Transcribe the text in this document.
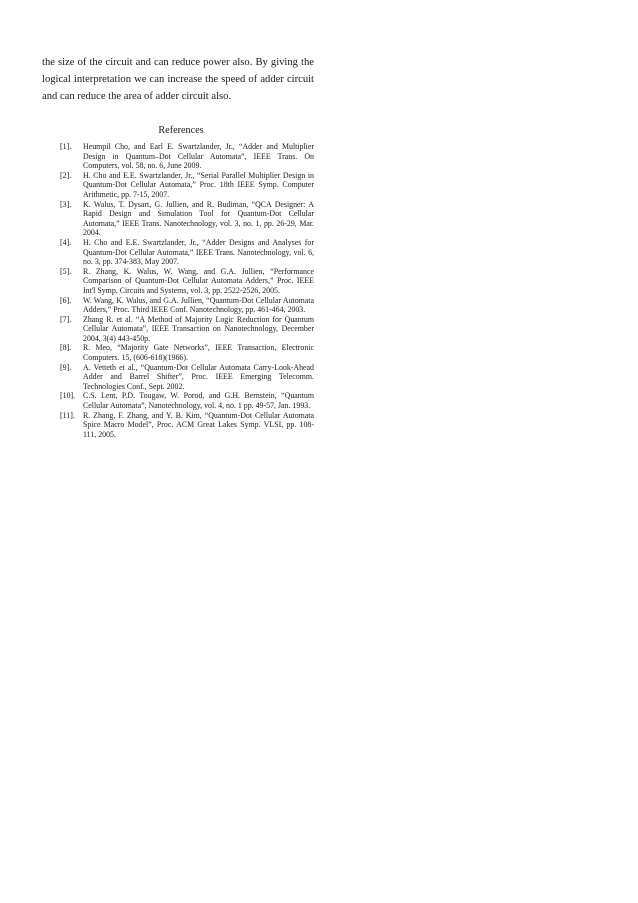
the size of the circuit and can reduce power also. By giving the logical interpretation we can increase the speed of adder circuit and can reduce the area of adder circuit also.

References
[1].	Heumpil Cho, and Earl E. Swartzlander, Jr., “Adder and Multiplier Design in Quantum–Dot Cellular Automata”, IEEE Trans. On Computers, vol. 58, no. 6, June 2009.
[2].	H. Cho and E.E. Swartzlander, Jr., “Serial Parallel Multiplier Design in Quantum-Dot Cellular Automata,” Proc. 18th IEEE Symp. Computer Arithmetic, pp. 7-15, 2007.
[3].	K. Walus, T. Dysart, G. Jullien, and R. Budiman, “QCA Designer: A Rapid Design and Simulation Tool for Quantum-Dot Cellular Automata,” IEEE Trans. Nanotechnology, vol. 3, no. 1, pp. 26-29, Mar. 2004.
[4].	H. Cho and E.E. Swartzlander, Jr., “Adder Designs and Analyses for Quantum-Dot Cellular Automata,” IEEE Trans. Nanotechnology, vol. 6, no. 3, pp. 374-383, May 2007.
[5].	R. Zhang, K. Walus, W. Wang, and G.A. Jullien, “Performance Comparison of Quantum-Dot Cellular Automata Adders,” Proc. IEEE Int'l Symp. Circuits and Systems, vol. 3, pp. 2522-2526, 2005.
[6].	W. Wang, K. Walus, and G.A. Jullien, “Quantum-Dot Cellular Automata Adders,” Proc. Third IEEE Conf. Nanotechnology, pp. 461-464, 2003.
[7].	Zhang R. et al. “A Method of Majority Logic Reduction for Quantum Cellular Automata”, IEEE Transaction on Nanotechnology, December 2004, 3(4) 443-450p.
[8].	R. Meo, “Majority Gate Networks”, IEEE Transaction, Electronic Computers. 15, (606-618)(1966).
[9].	A. Vetteth et al., “Quantum-Dot Cellular Automata Carry-Look-Ahead Adder and Barrel Shifter”, Proc. IEEE Emerging Telecomm. Technologies Conf., Sept. 2002.
[10]. C.S. Lent, P.D. Tougaw, W. Porod, and G.H. Bernstein, “Quantum Cellular Automata”, Nanotechnology, vol. 4, no. 1 pp. 49-57, Jan. 1993.
[11].	R. Zhang, F. Zhang, and Y. B. Kim, “Quantum-Dot Cellular Automata Spice Macro Model”, Proc. ACM Great Lakes Symp. VLSI, pp. 108-111, 2005.
